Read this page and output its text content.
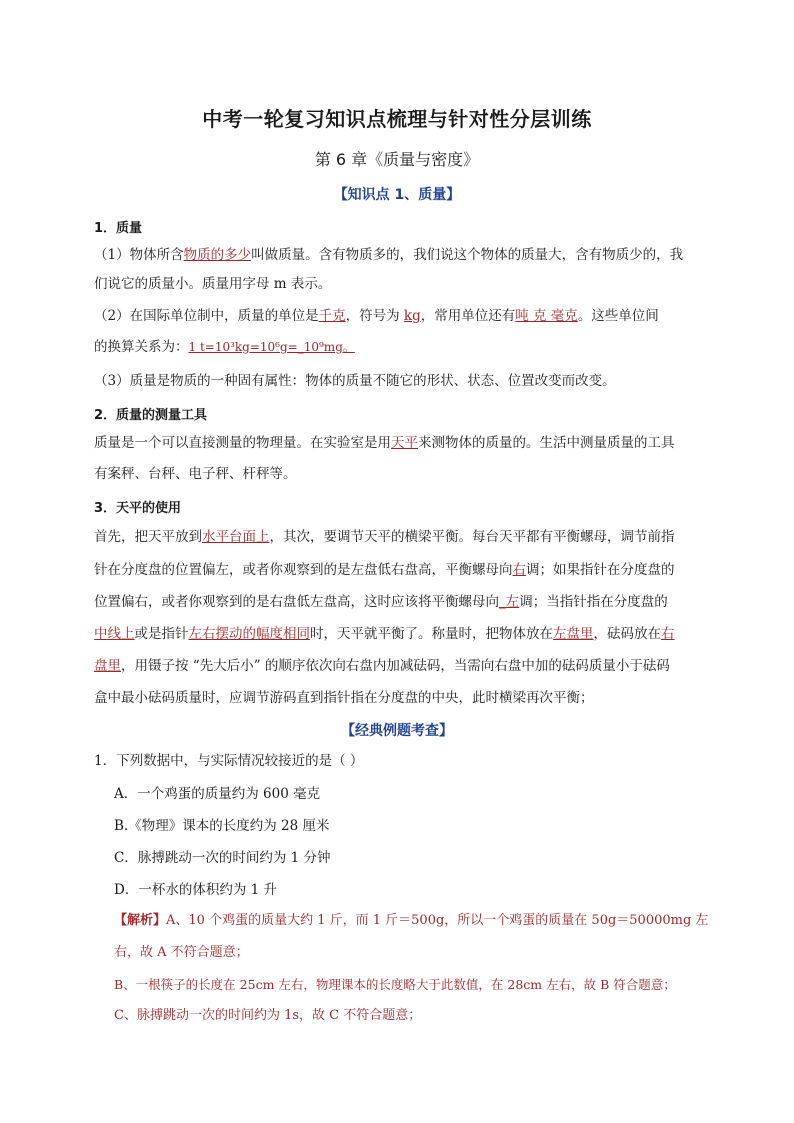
中考一轮复习知识点梳理与针对性分层训练
第 6 章《质量与密度》
【知识点 1、质量】
1．质量
（1）物体所含物质的多少叫做质量。含有物质多的，我们说这个物体的质量大，含有物质少的，我
们说它的质量小。质量用字母 m 表示。
（2）在国际单位制中，质量的单位是千克，符号为 kg，常用单位还有吨 克 毫克。这些单位间
的换算关系为：1 t=10³kg=10⁶g=_10⁹mg。
（3）质量是物质的一种固有属性：物体的质量不随它的形状、状态、位置改变而改变。
2．质量的测量工具
质量是一个可以直接测量的物理量。在实验室是用天平来测物体的质量的。生活中测量质量的工具
有案秤、台秤、电子秤、杆秤等。
3．天平的使用
首先，把天平放到水平台面上，其次，要调节天平的横梁平衡。每台天平都有平衡螺母，调节前指
针在分度盘的位置偏左，或者你观察到的是左盘低右盘高，平衡螺母向右调；如果指针在分度盘的
位置偏右，或者你观察到的是右盘低左盘高，这时应该将平衡螺母向_左调；当指针指在分度盘的
中线上或是指针左右摆动的幅度相同时，天平就平衡了。称量时，把物体放在左盘里，砝码放在右
盘里，用镊子按 “先大后小” 的顺序依次向右盘内加减砝码，当需向右盘中加的砝码质量小于砝码
盒中最小砝码质量时，应调节游码直到指针指在分度盘的中央，此时横梁再次平衡；
【经典例题考查】
1．下列数据中，与实际情况较接近的是（ ）
A．一个鸡蛋的质量约为 600 毫克
B.《物理》课本的长度约为 28 厘米
C．脉搏跳动一次的时间约为 1 分钟
D．一杯水的体积约为 1 升
【解析】A、10 个鸡蛋的质量大约 1 斤，而 1 斤＝500g，所以一个鸡蛋的质量在 50g＝50000mg 左
右，故 A 不符合题意；
B、一根筷子的长度在 25cm 左右，物理课本的长度略大于此数值，在 28cm 左右，故 B 符合题意；
C、脉搏跳动一次的时间约为 1s，故 C 不符合题意；
